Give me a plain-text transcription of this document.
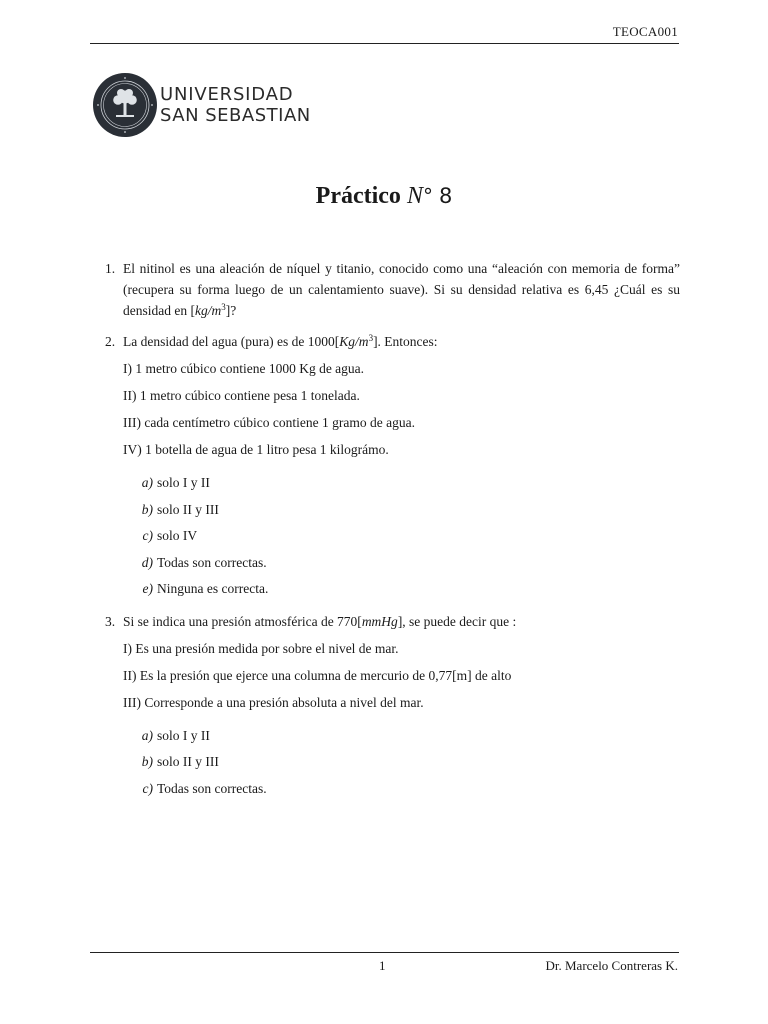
TEOCA001
UNIVERSIDAD
SAN SEBASTIAN
Práctico N° 8
1. El nitinol es una aleación de níquel y titanio, conocido como una “aleación con memoria de forma” (recupera su forma luego de un calentamiento suave). Si su densidad relativa es 6,45 ¿Cuál es su densidad en $[kg/m^3]$?
2. La densidad del agua (pura) es de $1000[Kg/m^3]$. Entonces:
I) 1 metro cúbico contiene 1000 Kg de agua.
II) 1 metro cúbico contiene pesa 1 tonelada.
III) cada centímetro cúbico contiene 1 gramo de agua.
IV) 1 botella de agua de 1 litro pesa 1 kilográmo.
a) solo I y II
b) solo II y III
c) solo IV
d) Todas son correctas.
e) Ninguna es correcta.
3. Si se indica una presión atmosférica de 770[mmHg], se puede decir que :
I) Es una presión medida por sobre el nivel de mar.
II) Es la presión que ejerce una columna de mercurio de 0,77[m] de alto
III) Corresponde a una presión absoluta a nivel del mar.
a) solo I y II
b) solo II y III
c) Todas son correctas.
1	Dr. Marcelo Contreras K.
